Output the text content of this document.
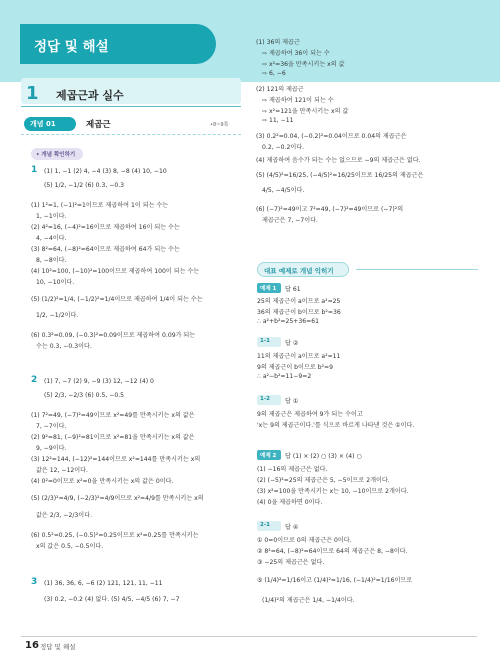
정답 및 해설
1 제곱근과 실수
개념 01	제곱근	•8~9쪽
• 개념 확인하기
1
2
3
(1) 1, −1 (2) 4, −4 (3) 8, −8 (4) 10, −10
(5) 1/2, −1/2 (6) 0.3, −0.3
(1) 1²=1, (−1)²=1이므로 제곱하여 1이 되는 수는
1, −1이다.
(2) 4²=16, (−4)²=16이므로 제곱하여 16이 되는 수는
4, −4이다.
(3) 8²=64, (−8)²=64이므로 제곱하여 64가 되는 수는
8, −8이다.
(4) 10²=100, (−10)²=100이므로 제곱하여 100이 되는 수는
10, −10이다.
(5) (1/2)²=1/4, (−1/2)²=1/4이므로 제곱하여 1/4이 되는 수는
1/2, −1/2이다.
(6) 0.3²=0.09, (−0.3)²=0.09이므로 제곱하여 0.09가 되는
수는 0.3, −0.3이다.
(1) 7, −7 (2) 9, −9 (3) 12, −12 (4) 0
(5) 2/3, −2/3 (6) 0.5, −0.5
(1) 7²=49, (−7)²=49이므로 x²=49를 만족시키는 x의 값은
7, −7이다.
(2) 9²=81, (−9)²=81이므로 x²=81을 만족시키는 x의 값은
9, −9이다.
(3) 12²=144, (−12)²=144이므로 x²=144를 만족시키는 x의
값은 12, −12이다.
(4) 0²=0이므로 x²=0을 만족시키는 x의 값은 0이다.
(5) (2/3)²=4/9, (−2/3)²=4/9이므로 x²=4/9를 만족시키는 x의
값은 2/3, −2/3이다.
(6) 0.5²=0.25, (−0.5)²=0.25이므로 x²=0.25를 만족시키는
x의 값은 0.5, −0.5이다.
(1) 36, 36, 6, −6 (2) 121, 121, 11, −11
(3) 0.2, −0.2 (4) 없다. (5) 4/5, −4/5 (6) 7, −7
(1) 36의 제곱근
⇨ 제곱하여 36이 되는 수
⇨ x²=36을 만족시키는 x의 값
⇨ 6, −6
(2) 121의 제곱근
⇨ 제곱하여 121이 되는 수
⇨ x²=121을 만족시키는 x의 값
⇨ 11, −11
(3) 0.2²=0.04, (−0.2)²=0.04이므로 0.04의 제곱근은
0.2, −0.2이다.
(4) 제곱하여 음수가 되는 수는 없으므로 −9의 제곱근은 없다.
(5) (4/5)²=16/25, (−4/5)²=16/25이므로 16/25의 제곱근은
4/5, −4/5이다.
(6) (−7)²=49이고 7²=49, (−7)²=49이므로 (−7)²의
제곱근은 7, −7이다.
대표 예제로 개념 익히기
예제 1	답 61
25의 제곱근이 a이므로 a²=25
36의 제곱근이 b이므로 b²=36
∴ a²+b²=25+36=61
1-1	답 ②
11의 제곱근이 a이므로 a²=11
9의 제곱근이 b이므로 b²=9
∴ a²−b²=11−9=2
1-2	답 ①
9의 제곱근은 제곱하여 9가 되는 수이고
'x는 9의 제곱근이다.'를 식으로 바르게 나타낸 것은 ①이다.
예제 2	답 (1) × (2) ○ (3) × (4) ○
(1) −16의 제곱근은 없다.
(2) (−5)²=25의 제곱근은 5, −5이므로 2개이다.
(3) x²=100을 만족시키는 x는 10, −10이므로 2개이다.
(4) 0을 제곱하면 0이다.
2-1	답 ④
① 0=0이므로 0의 제곱근은 0이다.
② 8²=64, (−8)²=64이므로 64의 제곱근은 8, −8이다.
③ −25의 제곱근은 없다.
⑤ (1/4)²=1/16이고 (1/4)²=1/16, (−1/4)²=1/16이므로
(1/4)²의 제곱근은 1/4, −1/4이다.
16 정답 및 해설
